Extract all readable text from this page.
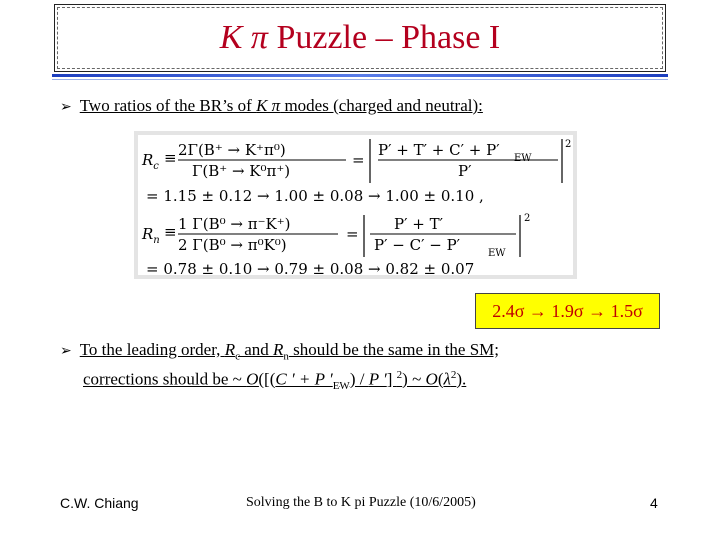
K π Puzzle – Phase I
➢ Two ratios of the BR’s of K π modes (charged and neutral):
$R_c \equiv 2\Gamma(B^+ \to K^+\pi^0)$
Γ(B⁺ → K⁰π⁺)
=
P′ + T′ + C′ + P′ EW
P′
2
= 1.15 ± 0.12 → 1.00 ± 0.08 → 1.00 ± 0.10 ,
$R_n \equiv 1$ Γ(B⁰ → π⁻K⁺)
2 Γ(B⁰ → π⁰K⁰)
=
P′ + T′
P′ − C′ − P′	EW
2
= 0.78 ± 0.10 → 0.79 ± 0.08 → 0.82 ± 0.07
2.4σ → 1.9σ → 1.5σ
➢ To the leading order, $R_c$ and $R_n$ should be the same in the SM;
corrections should be ~ O([(C ′ + P $'_{EW}$) / P ′] $^2$) ~ $O(\lambda^2)$.
C.W. Chiang	Solving the B to K pi Puzzle (10/6/2005)	4
